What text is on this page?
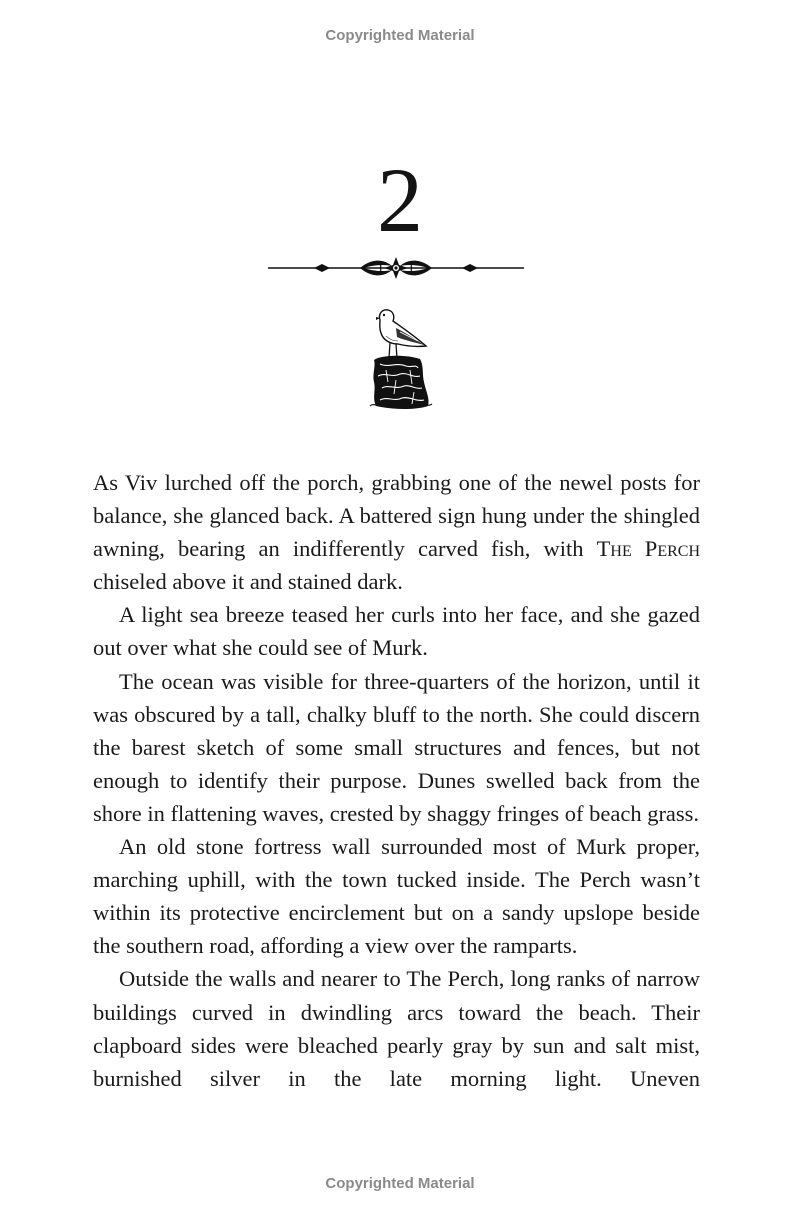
Copyrighted Material
2

As Viv lurched off the porch, grabbing one of the newel posts for balance, she glanced back. A battered sign hung under the shingled awning, bearing an indifferently carved fish, with The Perch chiseled above it and stained dark.

A light sea breeze teased her curls into her face, and she gazed out over what she could see of Murk.

The ocean was visible for three-quarters of the horizon, until it was obscured by a tall, chalky bluff to the north. She could discern the barest sketch of some small structures and fences, but not enough to identify their purpose. Dunes swelled back from the shore in flattening waves, crested by shaggy fringes of beach grass.

An old stone fortress wall surrounded most of Murk proper, marching uphill, with the town tucked inside. The Perch wasn’t within its protective encirclement but on a sandy upslope beside the southern road, affording a view over the ramparts.

Outside the walls and nearer to The Perch, long ranks of narrow buildings curved in dwindling arcs toward the beach. Their clapboard sides were bleached pearly gray by sun and salt mist, burnished silver in the late morning light. Uneven

Copyrighted Material
